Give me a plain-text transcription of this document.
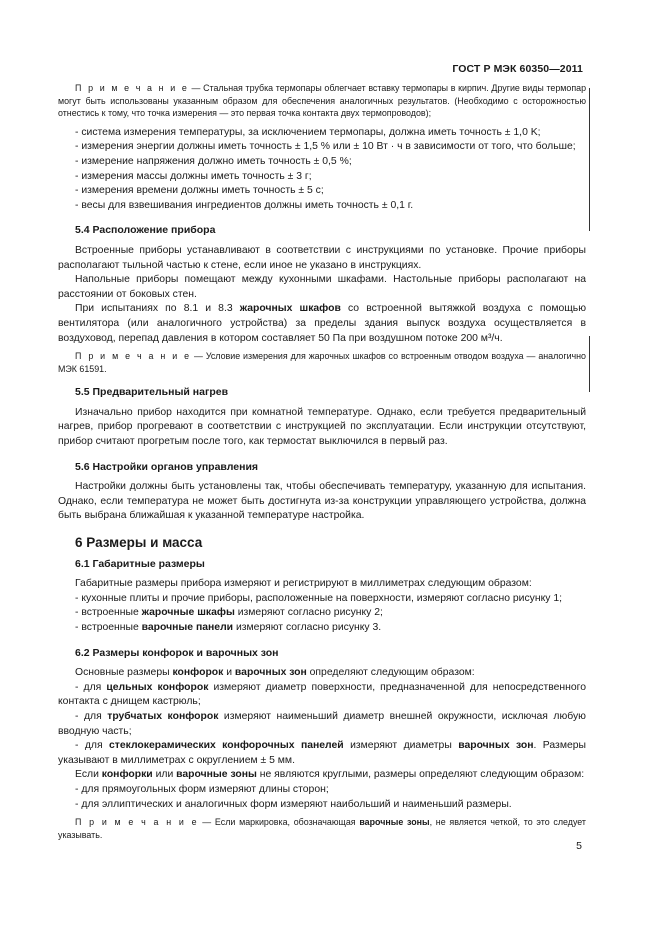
ГОСТ Р МЭК 60350—2011

П р и м е ч а н и е — Стальная трубка термопары облегчает вставку термопары в кирпич. Другие виды термопар могут быть использованы указанным образом для обеспечения аналогичных результатов. (Необходимо с осторожностью отнестись к тому, что точка измерения — это первая точка контакта двух термопроводов);

- система измерения температуры, за исключением термопары, должна иметь точность ± 1,0 K;

- измерения энергии должны иметь точность ± 1,5 % или ± 10 Вт · ч в зависимости от того, что больше;

- измерение напряжения должно иметь точность ± 0,5 %;

- измерения массы должны иметь точность ± 3 г;

- измерения времени должны иметь точность ± 5 с;

- весы для взвешивания ингредиентов должны иметь точность ± 0,1 г.

5.4 Расположение прибора

Встроенные приборы устанавливают в соответствии с инструкциями по установке. Прочие приборы располагают тыльной частью к стене, если иное не указано в инструкциях.

Напольные приборы помещают между кухонными шкафами. Настольные приборы располагают на расстоянии от боковых стен.

При испытаниях по 8.1 и 8.3 жарочных шкафов со встроенной вытяжкой воздуха с помощью вентилятора (или аналогичного устройства) за пределы здания выпуск воздуха осуществляется в воздуховод, перепад давления в котором составляет 50 Па при воздушном потоке 200 м³/ч.

П р и м е ч а н и е — Условие измерения для жарочных шкафов со встроенным отводом воздуха — аналогично МЭК 61591.

5.5 Предварительный нагрев

Изначально прибор находится при комнатной температуре. Однако, если требуется предварительный нагрев, прибор прогревают в соответствии с инструкцией по эксплуатации. Если инструкции отсутствуют, прибор считают прогретым после того, как термостат выключился в первый раз.

5.6 Настройки органов управления

Настройки должны быть установлены так, чтобы обеспечивать температуру, указанную для испытания. Однако, если температура не может быть достигнута из-за конструкции управляющего устройства, должна быть выбрана ближайшая к указанной температуре настройка.

6 Размеры и масса

6.1 Габаритные размеры

Габаритные размеры прибора измеряют и регистрируют в миллиметрах следующим образом:

- кухонные плиты и прочие приборы, расположенные на поверхности, измеряют согласно рисунку 1;

- встроенные жарочные шкафы измеряют согласно рисунку 2;

- встроенные варочные панели измеряют согласно рисунку 3.

6.2 Размеры конфорок и варочных зон

Основные размеры конфорок и варочных зон определяют следующим образом:

- для цельных конфорок измеряют диаметр поверхности, предназначенной для непосредственного контакта с днищем кастрюль;

- для трубчатых конфорок измеряют наименьший диаметр внешней окружности, исключая любую вводную часть;

- для стеклокерамических конфорочных панелей измеряют диаметры варочных зон. Размеры указывают в миллиметрах с округлением ± 5 мм.

Если конфорки или варочные зоны не являются круглыми, размеры определяют следующим образом:

- для прямоугольных форм измеряют длины сторон;

- для эллиптических и аналогичных форм измеряют наибольший и наименьший размеры.

П р и м е ч а н и е — Если маркировка, обозначающая варочные зоны, не является четкой, то это следует указывать.

5
